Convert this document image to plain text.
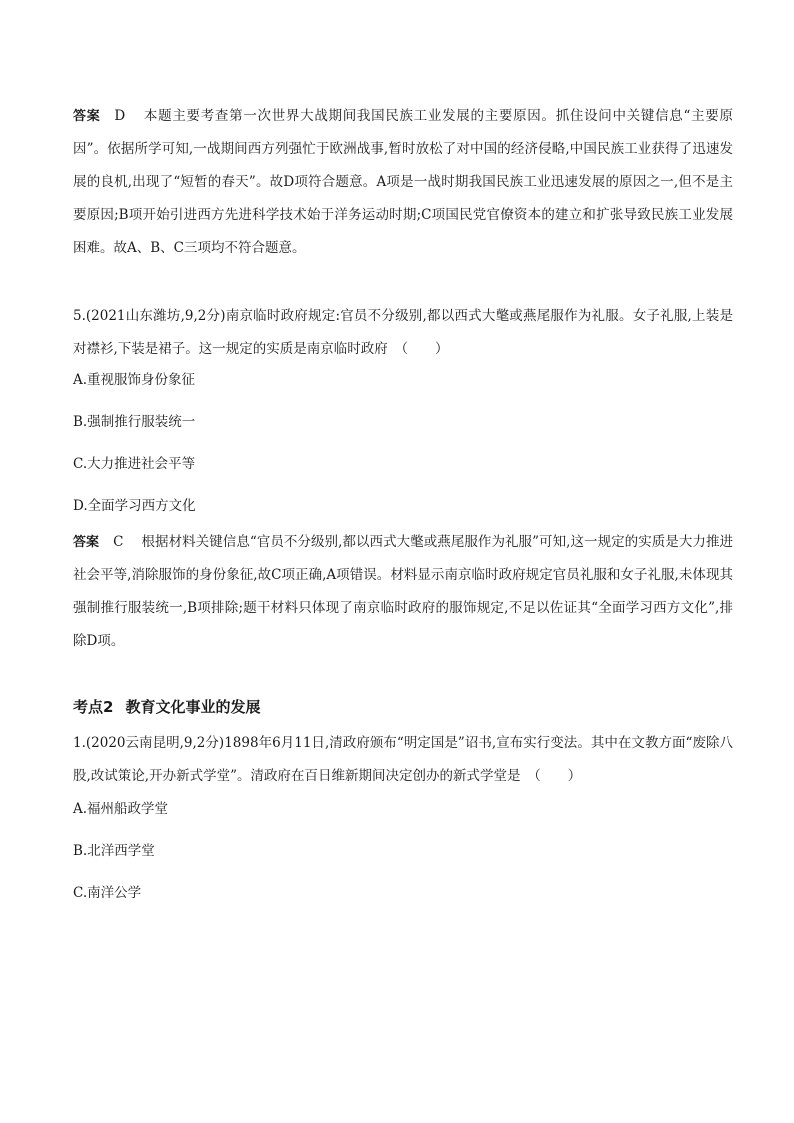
答案 D 本题主要考查第一次世界大战期间我国民族工业发展的主要原因。抓住设问中关键信息“主要原因”。依据所学可知,一战期间西方列强忙于欧洲战事,暂时放松了对中国的经济侵略,中国民族工业获得了迅速发展的良机,出现了“短暂的春天”。故D项符合题意。A项是一战时期我国民族工业迅速发展的原因之一,但不是主要原因;B项开始引进西方先进科学技术始于洋务运动时期;C项国民党官僚资本的建立和扩张导致民族工业发展困难。故A、B、C三项均不符合题意。

5.(2021山东潍坊,9,2分)南京临时政府规定:官员不分级别,都以西式大氅或燕尾服作为礼服。女子礼服,上装是对襟衫,下装是裙子。这一规定的实质是南京临时政府　（　　）

A.重视服饰身份象征

B.强制推行服装统一

C.大力推进社会平等

D.全面学习西方文化

答案 C 根据材料关键信息“官员不分级别,都以西式大氅或燕尾服作为礼服”可知,这一规定的实质是大力推进社会平等,消除服饰的身份象征,故C项正确,A项错误。材料显示南京临时政府规定官员礼服和女子礼服,未体现其强制推行服装统一,B项排除;题干材料只体现了南京临时政府的服饰规定,不足以佐证其“全面学习西方文化”,排除D项。

考点2 教育文化事业的发展

1.(2020云南昆明,9,2分)1898年6月11日,清政府颁布“明定国是”诏书,宣布实行变法。其中在文教方面“废除八股,改试策论,开办新式学堂”。清政府在百日维新期间决定创办的新式学堂是　（　　）

A.福州船政学堂

B.北洋西学堂

C.南洋公学
